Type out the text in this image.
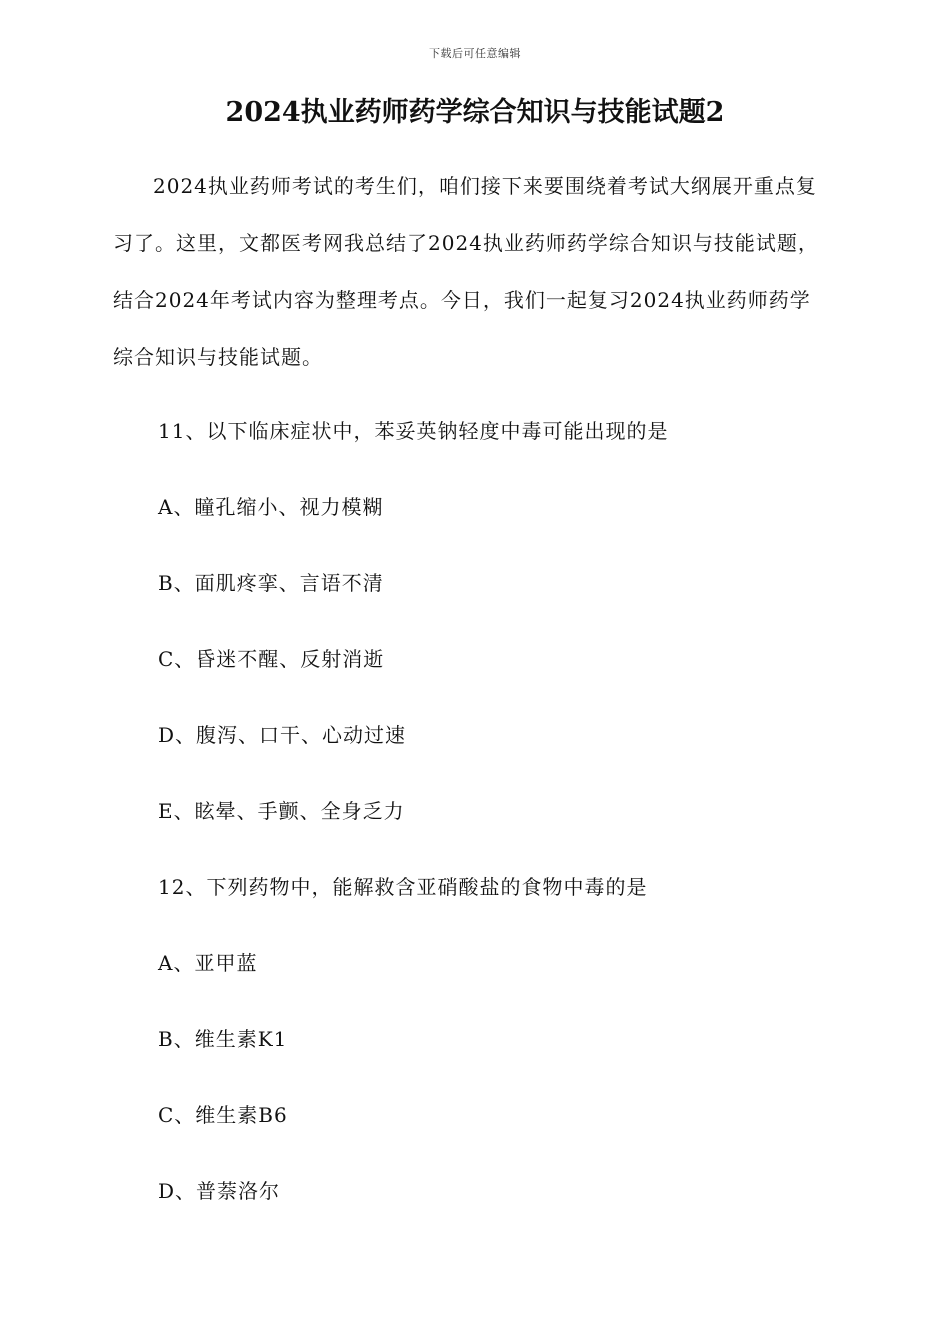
下载后可任意编辑
2024执业药师药学综合知识与技能试题2

2024执业药师考试的考生们，咱们接下来要围绕着考试大纲展开重点复习了。这里，文都医考网我总结了2024执业药师药学综合知识与技能试题，结合2024年考试内容为整理考点。今日，我们一起复习2024执业药师药学综合知识与技能试题。

11、以下临床症状中，苯妥英钠轻度中毒可能出现的是

A、瞳孔缩小、视力模糊

B、面肌疼挛、言语不清

C、昏迷不醒、反射消逝

D、腹泻、口干、心动过速

E、眩晕、手颤、全身乏力

12、下列药物中，能解救含亚硝酸盐的食物中毒的是

A、亚甲蓝

B、维生素K1

C、维生素B6

D、普萘洛尔
